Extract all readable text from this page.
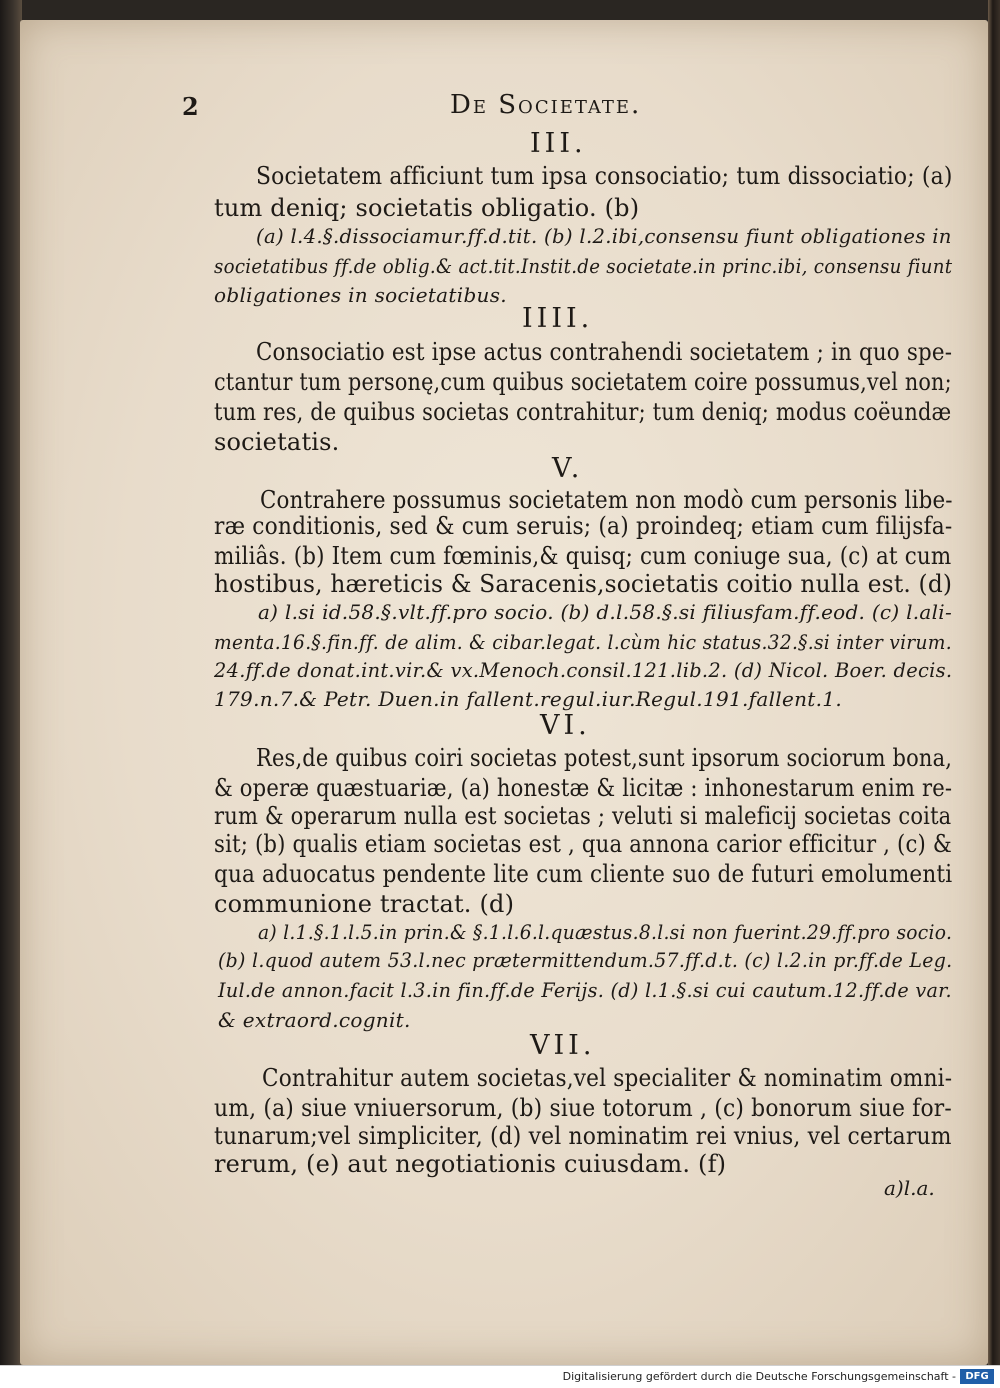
2	De Societate.
III.
Societatem afficiunt tum ipsa consociatio; tum dissociatio; (a)
tum deniq; societatis obligatio. (b)
(a) l.4.§.dissociamur.ff.d.tit. (b) l.2.ibi,consensu fiunt obligationes in
societatibus ff.de oblig.& act.tit.Instit.de societate.in princ.ibi, consensu fiunt
obligationes in societatibus.
IIII.
Consociatio est ipse actus contrahendi societatem ; in quo spe-
ctantur tum personę,cum quibus societatem coire possumus,vel non;
tum res, de quibus societas contrahitur; tum deniq; modus coëundæ
societatis.
V.
Contrahere possumus societatem non modò cum personis libe-
ræ conditionis, sed & cum seruis; (a) proindeq; etiam cum filijsfa-
miliâs. (b) Item cum fœminis,& quisq; cum coniuge sua, (c) at cum
hostibus, hæreticis & Saracenis,societatis coitio nulla est. (d)
a) l.si id.58.§.vlt.ff.pro socio. (b) d.l.58.§.si filiusfam.ff.eod. (c) l.ali-
menta.16.§.fin.ff. de alim. & cibar.legat. l.cùm hic status.32.§.si inter virum.
24.ff.de donat.int.vir.& vx.Menoch.consil.121.lib.2. (d) Nicol. Boer. decis.
179.n.7.& Petr. Duen.in fallent.regul.iur.Regul.191.fallent.1.
VI.
Res,de quibus coiri societas potest,sunt ipsorum sociorum bona,
& operæ quæstuariæ, (a) honestæ & licitæ : inhonestarum enim re-
rum & operarum nulla est societas ; veluti si maleficij societas coita
sit; (b) qualis etiam societas est , qua annona carior efficitur , (c) &
qua aduocatus pendente lite cum cliente suo de futuri emolumenti
communione tractat. (d)
a) l.1.§.1.l.5.in prin.& §.1.l.6.l.quæstus.8.l.si non fuerint.29.ff.pro socio.
(b) l.quod autem 53.l.nec prætermittendum.57.ff.d.t. (c) l.2.in pr.ff.de Leg.
Iul.de annon.facit l.3.in fin.ff.de Ferijs. (d) l.1.§.si cui cautum.12.ff.de var.
& extraord.cognit.
VII.
Contrahitur autem societas,vel specialiter & nominatim omni-
um, (a) siue vniuersorum, (b) siue totorum , (c) bonorum siue for-
tunarum;vel simpliciter, (d) vel nominatim rei vnius, vel certarum
rerum, (e) aut negotiationis cuiusdam. (f)
a)l.a.
Digitalisierung gefördert durch die Deutsche Forschungsgemeinschaft - DFG
